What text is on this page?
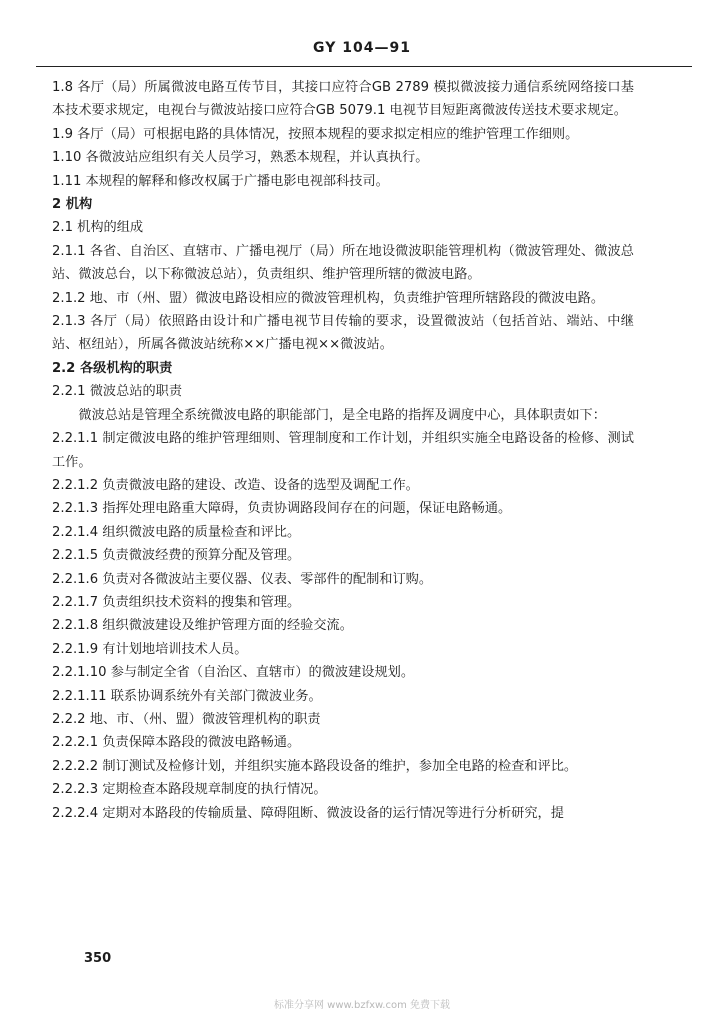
GY 104—91

1.8 各厅（局）所属微波电路互传节目，其接口应符合GB 2789 模拟微波接力通信系统网络接口基本技术要求规定，电视台与微波站接口应符合GB 5079.1 电视节目短距离微波传送技术要求规定。

1.9 各厅（局）可根据电路的具体情况，按照本规程的要求拟定相应的维护管理工作细则。

1.10 各微波站应组织有关人员学习，熟悉本规程，并认真执行。

1.11 本规程的解释和修改权属于广播电影电视部科技司。

2 机构

2.1 机构的组成

2.1.1 各省、自治区、直辖市、广播电视厅（局）所在地设微波职能管理机构（微波管理处、微波总站、微波总台，以下称微波总站），负责组织、维护管理所辖的微波电路。

2.1.2 地、市（州、盟）微波电路设相应的微波管理机构，负责维护管理所辖路段的微波电路。

2.1.3 各厅（局）依照路由设计和广播电视节目传输的要求，设置微波站（包括首站、端站、中继站、枢纽站），所属各微波站统称××广播电视××微波站。

2.2 各级机构的职责

2.2.1 微波总站的职责

微波总站是管理全系统微波电路的职能部门，是全电路的指挥及调度中心，具体职责如下：

2.2.1.1 制定微波电路的维护管理细则、管理制度和工作计划，并组织实施全电路设备的检修、测试工作。

2.2.1.2 负责微波电路的建设、改造、设备的选型及调配工作。

2.2.1.3 指挥处理电路重大障碍，负责协调路段间存在的问题，保证电路畅通。

2.2.1.4 组织微波电路的质量检查和评比。

2.2.1.5 负责微波经费的预算分配及管理。

2.2.1.6 负责对各微波站主要仪器、仪表、零部件的配制和订购。

2.2.1.7 负责组织技术资料的搜集和管理。

2.2.1.8 组织微波建设及维护管理方面的经验交流。

2.2.1.9 有计划地培训技术人员。

2.2.1.10 参与制定全省（自治区、直辖市）的微波建设规划。

2.2.1.11 联系协调系统外有关部门微波业务。

2.2.2 地、市、（州、盟）微波管理机构的职责

2.2.2.1 负责保障本路段的微波电路畅通。

2.2.2.2 制订测试及检修计划，并组织实施本路段设备的维护，参加全电路的检查和评比。

2.2.2.3 定期检查本路段规章制度的执行情况。

2.2.2.4 定期对本路段的传输质量、障碍阻断、微波设备的运行情况等进行分析研究，提

350
标准分享网 www.bzfxw.com 免费下载
